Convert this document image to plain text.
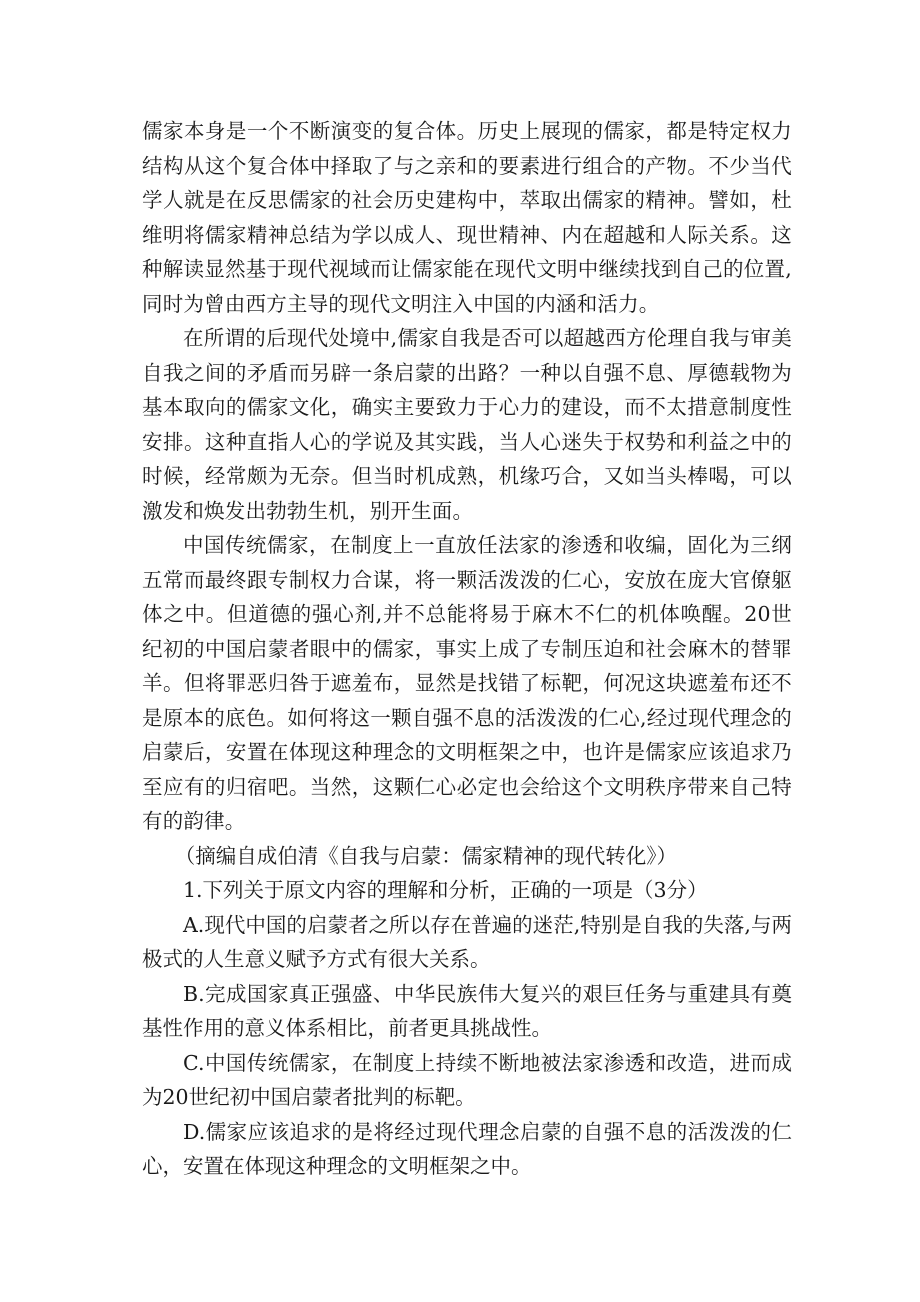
儒家本身是一个不断演变的复合体。历史上展现的儒家，都是特定权力结构从这个复合体中择取了与之亲和的要素进行组合的产物。不少当代学人就是在反思儒家的社会历史建构中，萃取出儒家的精神。譬如，杜维明将儒家精神总结为学以成人、现世精神、内在超越和人际关系。这种解读显然基于现代视域而让儒家能在现代文明中继续找到自己的位置,同时为曾由西方主导的现代文明注入中国的内涵和活力。

在所谓的后现代处境中,儒家自我是否可以超越西方伦理自我与审美自我之间的矛盾而另辟一条启蒙的出路？一种以自强不息、厚德载物为基本取向的儒家文化，确实主要致力于心力的建设，而不太措意制度性安排。这种直指人心的学说及其实践，当人心迷失于权势和利益之中的时候，经常颇为无奈。但当时机成熟，机缘巧合，又如当头棒喝，可以激发和焕发出勃勃生机，别开生面。

中国传统儒家，在制度上一直放任法家的渗透和收编，固化为三纲五常而最终跟专制权力合谋，将一颗活泼泼的仁心，安放在庞大官僚躯体之中。但道德的强心剂,并不总能将易于麻木不仁的机体唤醒。20世纪初的中国启蒙者眼中的儒家，事实上成了专制压迫和社会麻木的替罪羊。但将罪恶归咎于遮羞布，显然是找错了标靶，何况这块遮羞布还不是原本的底色。如何将这一颗自强不息的活泼泼的仁心,经过现代理念的启蒙后，安置在体现这种理念的文明框架之中，也许是儒家应该追求乃至应有的归宿吧。当然，这颗仁心必定也会给这个文明秩序带来自己特有的韵律。

（摘编自成伯清《自我与启蒙：儒家精神的现代转化》）

1.下列关于原文内容的理解和分析，正确的一项是（3分）

A.现代中国的启蒙者之所以存在普遍的迷茫,特别是自我的失落,与两极式的人生意义赋予方式有很大关系。

B.完成国家真正强盛、中华民族伟大复兴的艰巨任务与重建具有奠基性作用的意义体系相比，前者更具挑战性。

C.中国传统儒家，在制度上持续不断地被法家渗透和改造，进而成为20世纪初中国启蒙者批判的标靶。

D.儒家应该追求的是将经过现代理念启蒙的自强不息的活泼泼的仁心，安置在体现这种理念的文明框架之中。
